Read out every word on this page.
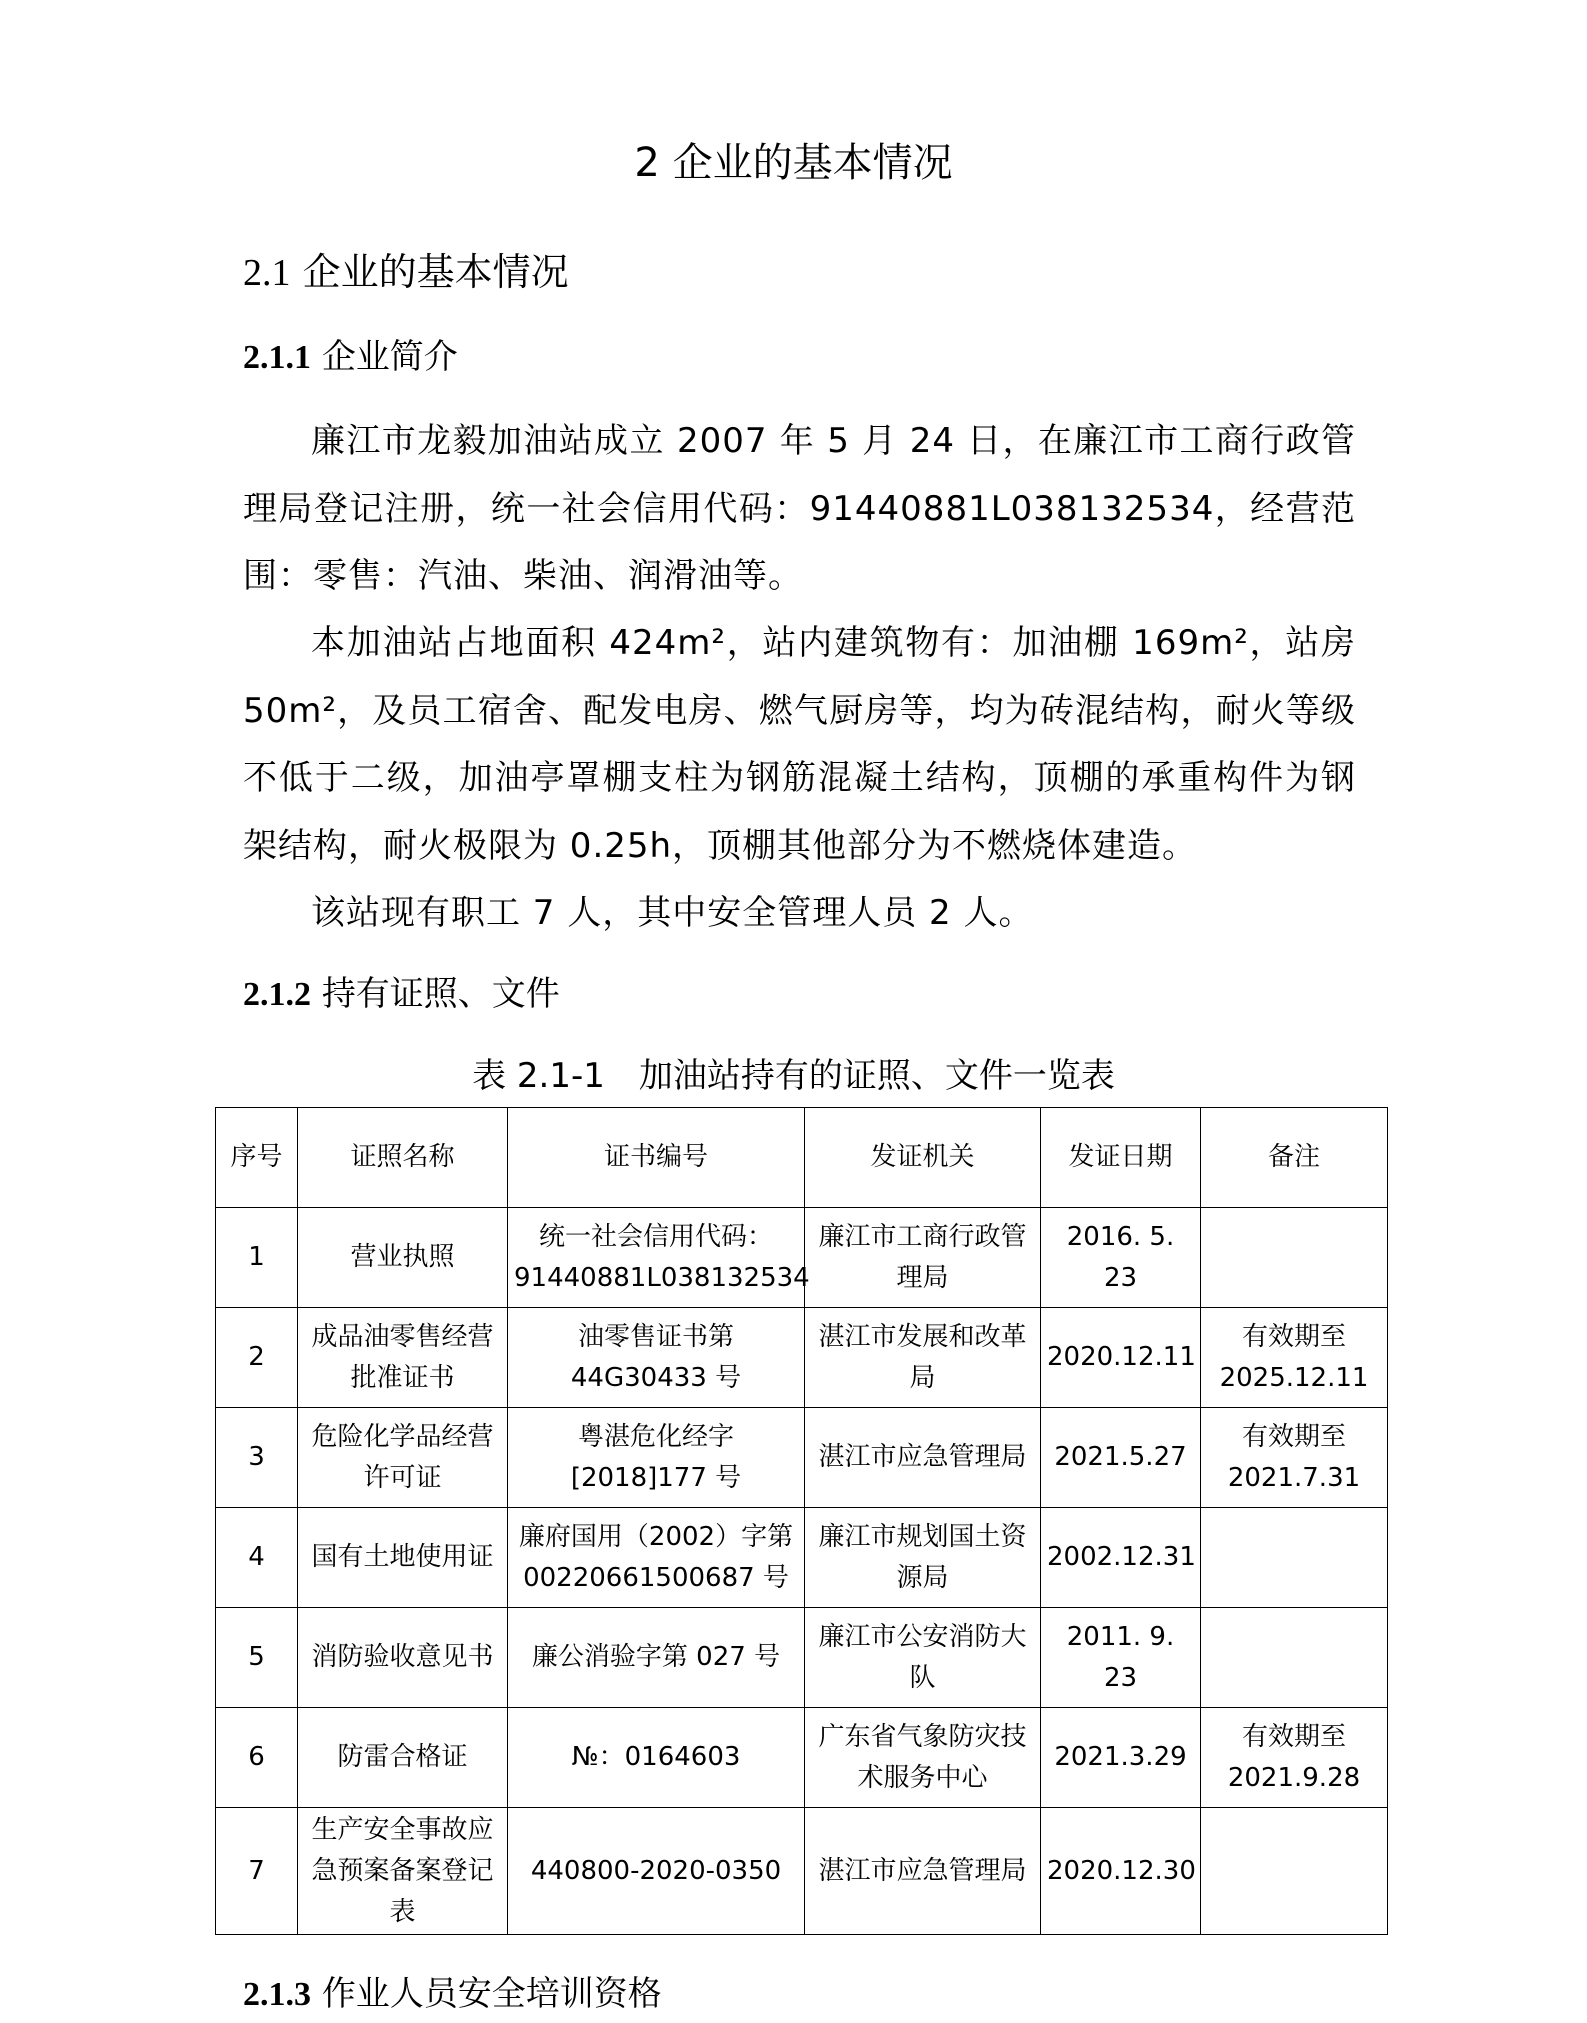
2 企业的基本情况
2.1 企业的基本情况
2.1.1 企业简介

廉江市龙毅加油站成立 2007 年 5 月 24 日，在廉江市工商行政管理局登记注册，统一社会信用代码：91440881L038132534，经营范围：零售：汽油、柴油、润滑油等。

本加油站占地面积 424m²，站内建筑物有：加油棚 169m²，站房 50m²，及员工宿舍、配发电房、燃气厨房等，均为砖混结构，耐火等级不低于二级，加油亭罩棚支柱为钢筋混凝土结构，顶棚的承重构件为钢架结构，耐火极限为 0.25h，顶棚其他部分为不燃烧体建造。

该站现有职工 7 人，其中安全管理人员 2 人。

2.1.2 持有证照、文件

表 2.1-1　加油站持有的证照、文件一览表

序号	证照名称	证书编号	发证机关	发证日期	备注
1	营业执照	统一社会信用代码：91440881L038132534	廉江市工商行政管理局	2016. 5. 23	
2	成品油零售经营批准证书	油零售证书第 44G30433 号	湛江市发展和改革局	2020.12.11	有效期至 2025.12.11
3	危险化学品经营许可证	粤湛危化经字 [2018]177 号	湛江市应急管理局	2021.5.27	有效期至 2021.7.31
4	国有土地使用证	廉府国用（2002）字第 00220661500687 号	廉江市规划国土资源局	2002.12.31	
5	消防验收意见书	廉公消验字第 027 号	廉江市公安消防大队	2011. 9. 23	
6	防雷合格证	№：0164603	广东省气象防灾技术服务中心	2021.3.29	有效期至 2021.9.28
7	生产安全事故应急预案备案登记表	440800-2020-0350	湛江市应急管理局	2020.12.30	
2.1.3 作业人员安全培训资格
